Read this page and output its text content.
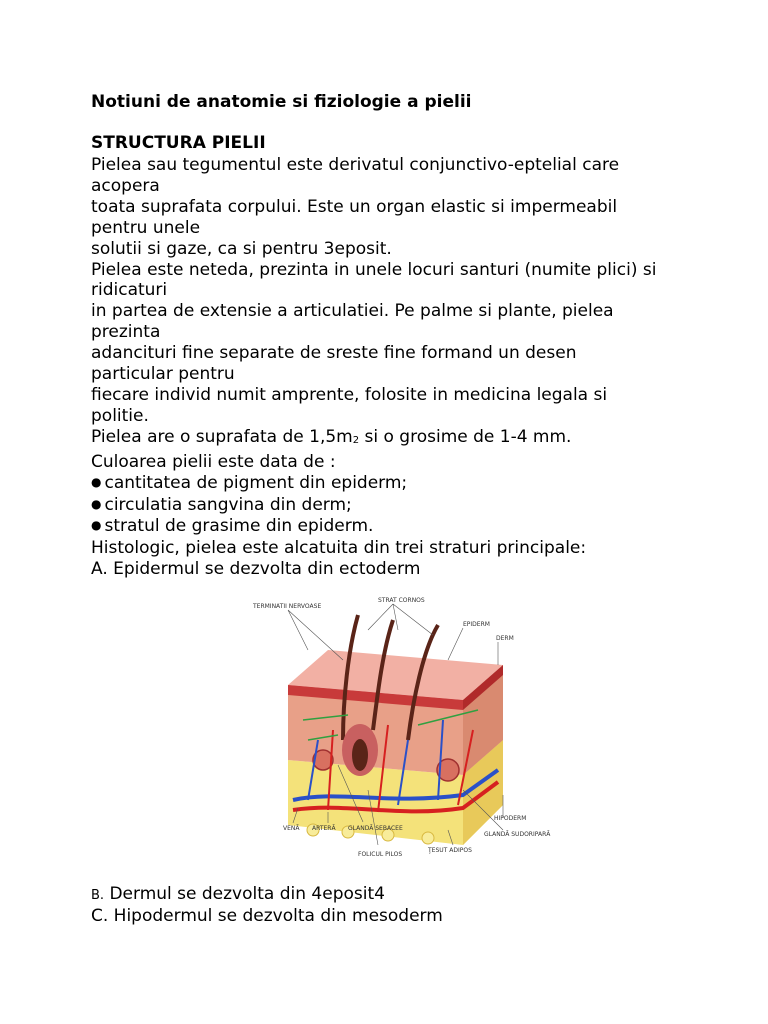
Notiuni de anatomie si fiziologie a pielii
STRUCTURA PIELII
Pielea sau tegumentul este derivatul conjunctivo-eptelial care
acopera
toata suprafata corpului. Este un organ elastic si impermeabil
pentru unele
solutii si gaze, ca si pentru 3eposit.
Pielea este neteda, prezinta in unele locuri santuri (numite plici) si
ridicaturi
in partea de extensie a articulatiei. Pe palme si plante, pielea
prezinta
adancituri fine separate de sreste fine formand un desen
particular pentru
fiecare individ numit amprente, folosite in medicina legala si
politie.
Pielea are o suprafata de 1,5m2 si o grosime de 1-4 mm.
Culoarea pielii este data de :
● cantitatea de pigment din epiderm;
● circulatia sangvina din derm;
● stratul de grasime din epiderm.
Histologic, pielea este alcatuita din trei straturi principale:
A. Epidermul se dezvolta din ectoderm
TERMINATII NERVOASE
STRAT CORNOS
EPIDERM
DERM
HIPODERM
GLANDĂ SUDORIPARĂ
VENĂ ARTERĂ GLANDĂ SEBACEE
FOLICUL PILOS
ŢESUT ADIPOS
B. Dermul se dezvolta din 4eposit4
C. Hipodermul se dezvolta din mesoderm
